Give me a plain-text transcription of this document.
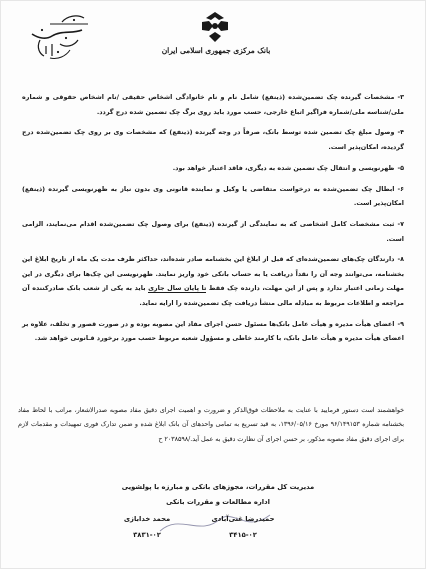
بانک مرکزی جمهوری اسلامی ایران

۳-مشخصات گیرنده چک تضمین‌شده (ذینفع) شامل نام و نام خانوادگی اشخاص حقیقی /نام اشخاص حقوقی و شماره ملی/شناسه ملی/شماره فراگیر اتباع خارجی، حسب مورد باید روی برگ چک تضمین شده درج گردد.

۴-وصول مبلغ چک تضمین شده توسط بانک، صرفاً در وجه گیرنده (ذینفع) که مشخصات وی بر روی چک تضمین‌شده درج گردیده، امکان‌پذیر است.

۵-ظهرنویسی و انتقال چک تضمین شده به دیگری، فاقد اعتبار خواهد بود.

۶-ابطال چک تضمین‌شده به درخواست متقاضی یا وکیل و نماینده قانونی وی بدون نیاز به ظهرنویسی گیرنده (ذینفع) امکان‌پذیر است.

۷-ثبت مشخصات کامل اشخاصی که به نمایندگی از گیرنده (ذینفع) برای وصول چک تضمین‌شده اقدام می‌نمایند، الزامی است.

۸-دارندگان چک‌های تضمین‌شده‌ای که قبل از ابلاغ این بخشنامه صادر شده‌اند، حداکثر ظرف مدت یک ماه از تاریخ ابلاغ این بخشنامه، می‌توانند وجه آن را نقداً دریافت یا به حساب بانکی خود واریز نمایند. ظهرنویسی این چک‌ها برای دیگری در این مهلت زمانی اعتبار ندارد و پس از این مهلت، دارنده چک فقط تا پایان سال جاری باید به یکی از شعب بانک صادرکننده آن مراجعه و اطلاعات مربوط به مبادله مالی منشأ دریافت چک تضمین‌شده را ارایه نماید.

۹-اعضای هیأت مدیره و هیأت عامل بانک‌ها مسئول حسن اجرای مفاد این مصوبه بوده و در صورت قصور و تخلف، علاوه بر اعضای هیأت مدیره و هیأت عامل بانک، با کارمند خاطی و مسؤول شعبه مربوط حسب مورد برخورد قـانونی خواهد شد.

خواهشمند است دستور فرمایید با عنایت به ملاحظات فوق‌الذکر و ضرورت و اهمیت اجرای دقیق مفاد مصوبه صدرالاشعار، مراتب با لحاظ مفاد بخشنامه شماره ۹۶/۱۴۹۱۵۳ مورخ ۱۳۹۶/۰۵/۱۶، به قید تسریع به تمامی واحدهای آن بانک ابلاغ شده و ضمن تدارک فوری تمهیدات و مقدمات لازم برای اجرای دقیق مفاد مصوبه مذکور، بر حسن اجرای آن نظارت دقیق به عمل آید./۲۰۳۸۵۹۸ ح
مدیریت کل مقررات، مجوزهای بانکی و مبارزه با پولشویی
اداره مطالعات و مقررات بانکی
حمیدرضا غنی‌آبادی
۳۴۱۵-۰۲
محمد خدابازی
۳۸۳۱-۰۲
